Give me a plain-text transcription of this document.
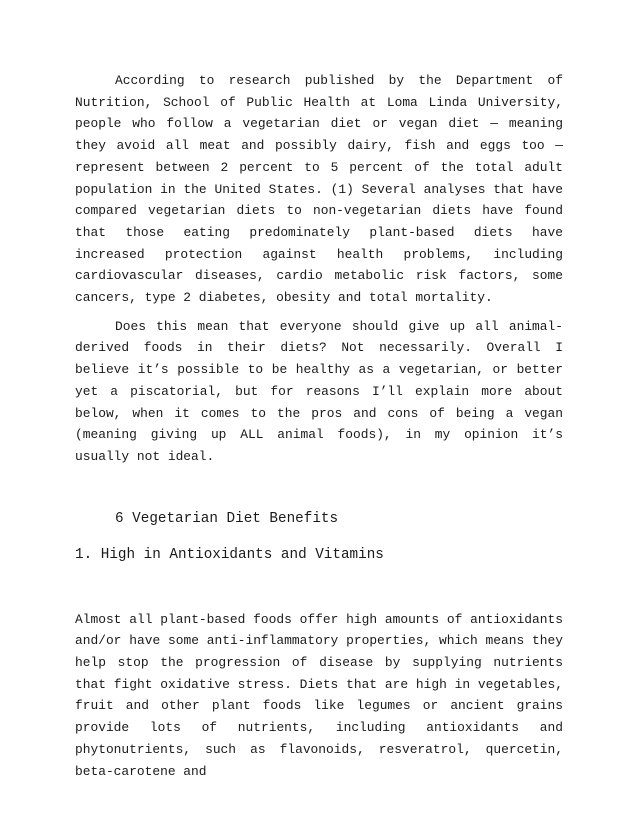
According to research published by the Department of Nutrition, School of Public Health at Loma Linda University, people who follow a vegetarian diet or vegan diet — meaning they avoid all meat and possibly dairy, fish and eggs too — represent between 2 percent to 5 percent of the total adult population in the United States. (1) Several analyses that have compared vegetarian diets to non-vegetarian diets have found that those eating predominately plant-based diets have increased protection against health problems, including cardiovascular diseases, cardio metabolic risk factors, some cancers, type 2 diabetes, obesity and total mortality.

Does this mean that everyone should give up all animal-derived foods in their diets? Not necessarily. Overall I believe it’s possible to be healthy as a vegetarian, or better yet a piscatorial, but for reasons I’ll explain more about below, when it comes to the pros and cons of being a vegan (meaning giving up ALL animal foods), in my opinion it’s usually not ideal.

6 Vegetarian Diet Benefits
1. High in Antioxidants and Vitamins

Almost all plant-based foods offer high amounts of antioxidants and/or have some anti-inflammatory properties, which means they help stop the progression of disease by supplying nutrients that fight oxidative stress. Diets that are high in vegetables, fruit and other plant foods like legumes or ancient grains provide lots of nutrients, including antioxidants and phytonutrients, such as flavonoids, resveratrol, quercetin, beta-carotene and
